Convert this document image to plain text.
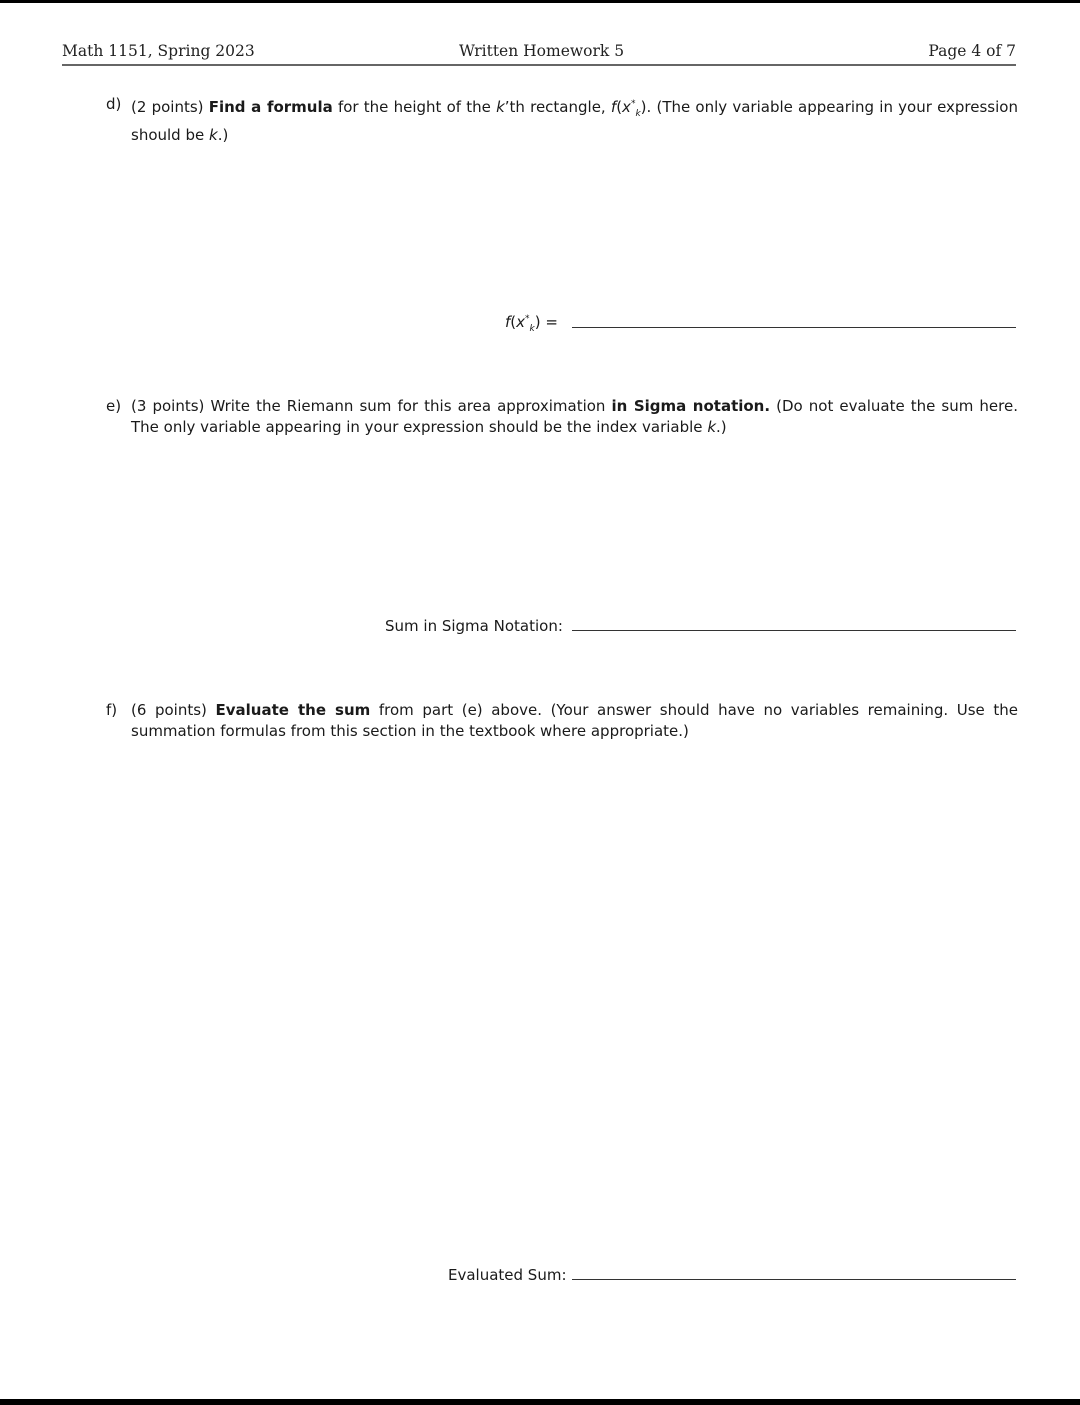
Math 1151, Spring 2023	Written Homework 5	Page 4 of 7
d) (2 points) Find a formula for the height of the k’th rectangle, $f(x^*_k)$. (The only variable appearing in your expression should be k.)
$f(x^*_k)$ =
e) (3 points) Write the Riemann sum for this area approximation in Sigma notation. (Do not evaluate the sum here. The only variable appearing in your expression should be the index variable k.)
Sum in Sigma Notation:
f) (6 points) Evaluate the sum from part (e) above. (Your answer should have no variables remaining. Use the summation formulas from this section in the textbook where appropriate.)
Evaluated Sum:
